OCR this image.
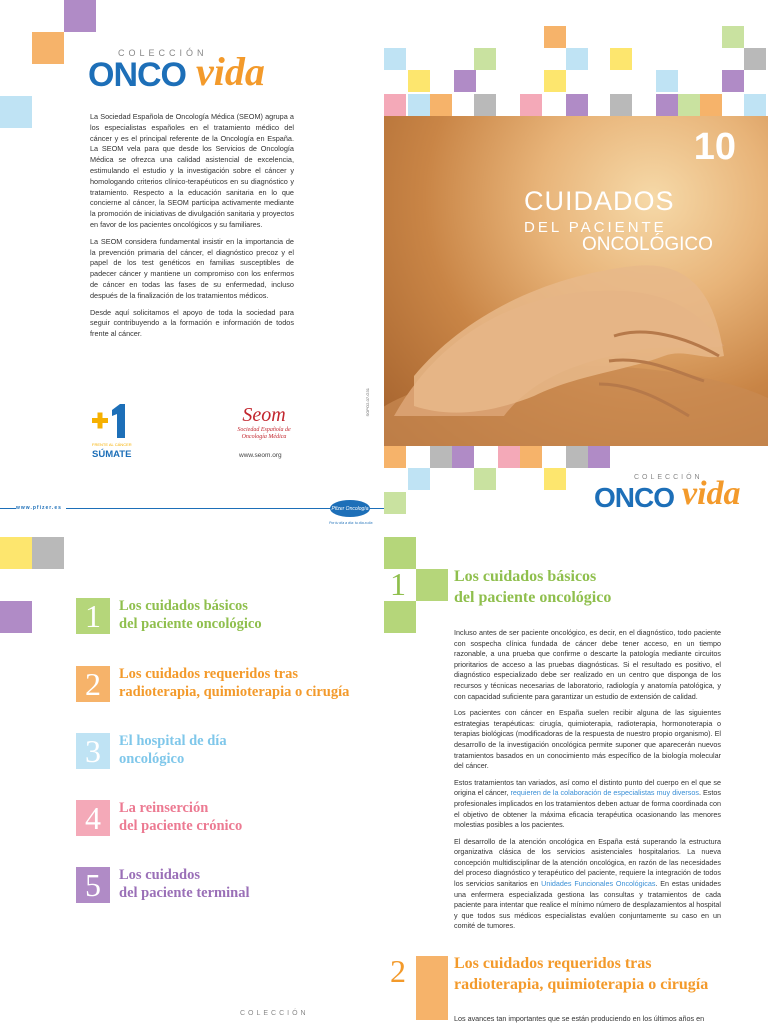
COLECCIÓN
ONCO vida

La Sociedad Española de Oncología Médica (SEOM) agrupa a los especialistas españoles en el tratamiento médico del cáncer y es el principal referente de la Oncología en España. La SEOM vela para que desde los Servicios de Oncología Médica se ofrezca una calidad asistencial de excelencia, estimulando el estudio y la investigación sobre el cáncer y homologando criterios clínico-terapéuticos en su diagnóstico y tratamiento. Respecto a la educación sanitaria en lo que concierne al cáncer, la SEOM participa activamente mediante la promoción de iniciativas de divulgación sanitaria y proyectos en favor de los pacientes oncológicos y su familiares.

La SEOM considera fundamental insistir en la importancia de la prevención primaria del cáncer, el diagnóstico precoz y el papel de los test genéticos en familias susceptibles de padecer cáncer y mantiene un compromiso con los enfermos de cáncer en todas las fases de su enfermedad, incluso después de la finalización de los tratamientos médicos.

Desde aquí solicitamos el apoyo de toda la sociedad para seguir contribuyendo a la formación e información de todos frente al cáncer.

FRENTE AL CÁNCER
SÚMATE
Seom
Sociedad Española de Oncología Médica
www.seom.org
SOPO2-07-G31
www.pfizer.es	Pfizer Oncología
Por tu día a día: tu día a día
10
CUIDADOS
DEL PACIENTE
ONCOLÓGICO
COLECCIÓN
ONCO vida
1	Los cuidados básicos
del paciente oncológico
2	Los cuidados requeridos tras
radioterapia, quimioterapia o cirugía
3	El hospital de día
oncológico
4	La reinserción
del paciente crónico
5	Los cuidados
del paciente terminal
COLECCIÓN
1	Los cuidados básicos
del paciente oncológico

Incluso antes de ser paciente oncológico, es decir, en el diagnóstico, todo paciente con sospecha clínica fundada de cáncer debe tener acceso, en un tiempo razonable, a una prueba que confirme o descarte la patología mediante circuitos prioritarios de acceso a las pruebas diagnósticas. Si el resultado es positivo, el diagnóstico especializado debe ser realizado en un centro que disponga de los recursos y técnicas necesarias de laboratorio, radiología y anatomía patológica, y con capacidad suficiente para garantizar un estudio de extensión de calidad.

Los pacientes con cáncer en España suelen recibir alguna de las siguientes estrategias terapéuticas: cirugía, quimioterapia, radioterapia, hormonoterapia o terapias biológicas (modificadoras de la respuesta de nuestro propio organismo). El desarrollo de la investigación oncológica permite suponer que aparecerán nuevos tratamientos basados en un conocimiento más específico de la biología molecular del cáncer.

Estos tratamientos tan variados, así como el distinto punto del cuerpo en el que se origina el cáncer, requieren de la colaboración de especialistas muy diversos. Estos profesionales implicados en los tratamientos deben actuar de forma coordinada con el objetivo de obtener la máxima eficacia terapéutica ocasionando las menores molestias posibles a los pacientes.

El desarrollo de la atención oncológica en España está superando la estructura organizativa clásica de los servicios asistenciales hospitalarios. La nueva concepción multidisciplinar de la atención oncológica, en razón de las necesidades del proceso diagnóstico y terapéutico del paciente, requiere la integración de todos los servicios sanitarios en Unidades Funcionales Oncológicas. En estas unidades una enfermera especializada gestiona las consultas y tratamientos de cada paciente para intentar que realice el mínimo número de desplazamientos al hospital y que todos sus médicos especialistas evalúen conjuntamente su caso en un comité de tumores.

2	Los cuidados requeridos tras
radioterapia, quimioterapia o cirugía

Los avances tan importantes que se están produciendo en los últimos años en
